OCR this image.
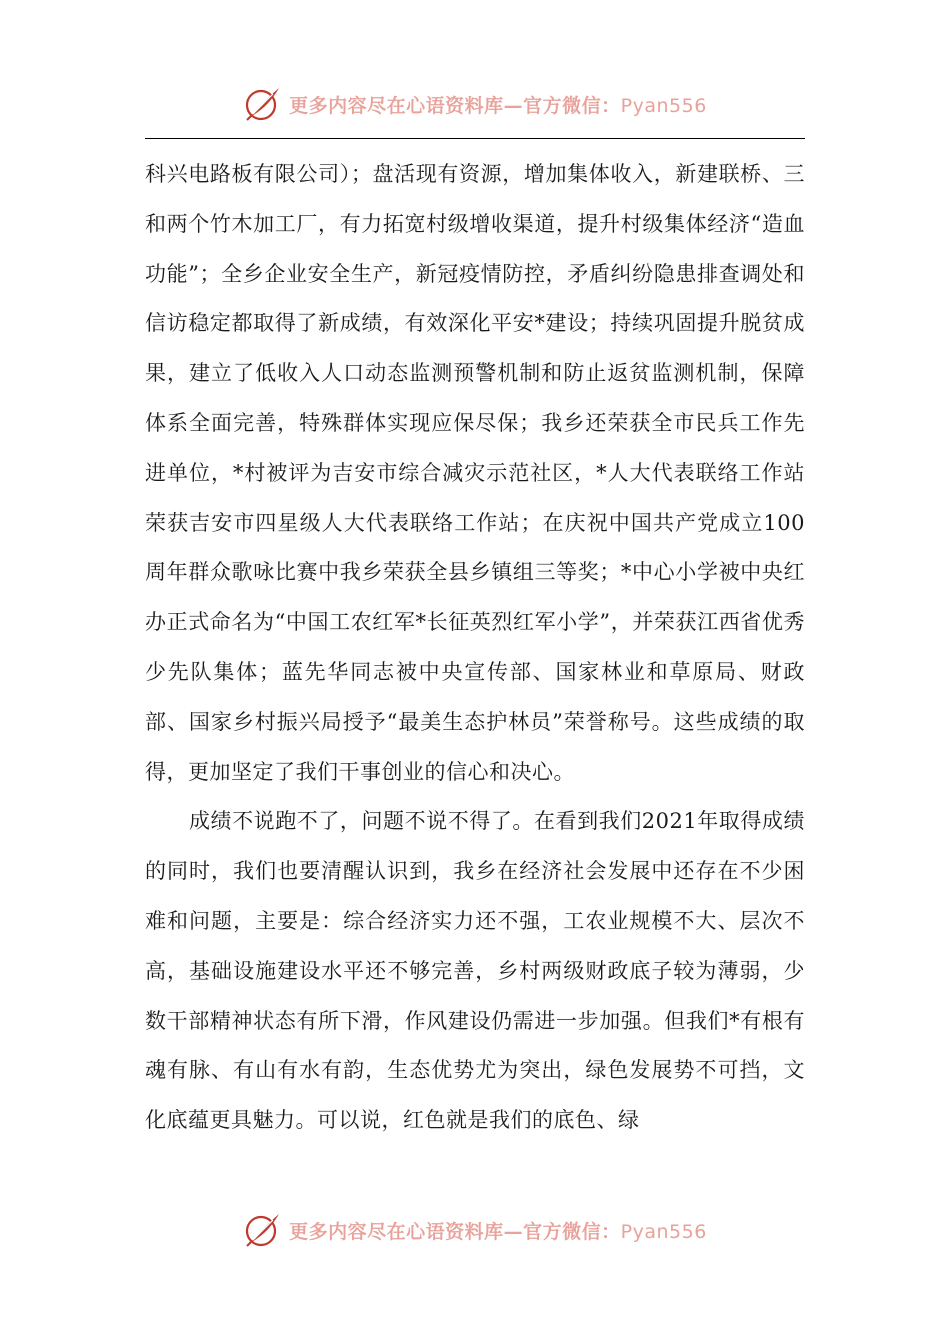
更多内容尽在心语资料库—官方微信：Pyan556

科兴电路板有限公司）；盘活现有资源，增加集体收入，新建联桥、三和两个竹木加工厂，有力拓宽村级增收渠道，提升村级集体经济“造血功能”；全乡企业安全生产，新冠疫情防控，矛盾纠纷隐患排查调处和信访稳定都取得了新成绩，有效深化平安*建设；持续巩固提升脱贫成果，建立了低收入人口动态监测预警机制和防止返贫监测机制，保障体系全面完善，特殊群体实现应保尽保；我乡还荣获全市民兵工作先进单位，*村被评为吉安市综合减灾示范社区，*人大代表联络工作站荣获吉安市四星级人大代表联络工作站；在庆祝中国共产党成立100周年群众歌咏比赛中我乡荣获全县乡镇组三等奖；*中心小学被中央红办正式命名为“中国工农红军*长征英烈红军小学”，并荣获江西省优秀少先队集体；蓝先华同志被中央宣传部、国家林业和草原局、财政部、国家乡村振兴局授予“最美生态护林员”荣誉称号。这些成绩的取得，更加坚定了我们干事创业的信心和决心。

成绩不说跑不了，问题不说不得了。在看到我们2021年取得成绩的同时，我们也要清醒认识到，我乡在经济社会发展中还存在不少困难和问题，主要是：综合经济实力还不强，工农业规模不大、层次不高，基础设施建设水平还不够完善，乡村两级财政底子较为薄弱，少数干部精神状态有所下滑，作风建设仍需进一步加强。但我们*有根有魂有脉、有山有水有韵，生态优势尤为突出，绿色发展势不可挡，文化底蕴更具魅力。可以说，红色就是我们的底色、绿

更多内容尽在心语资料库—官方微信：Pyan556
